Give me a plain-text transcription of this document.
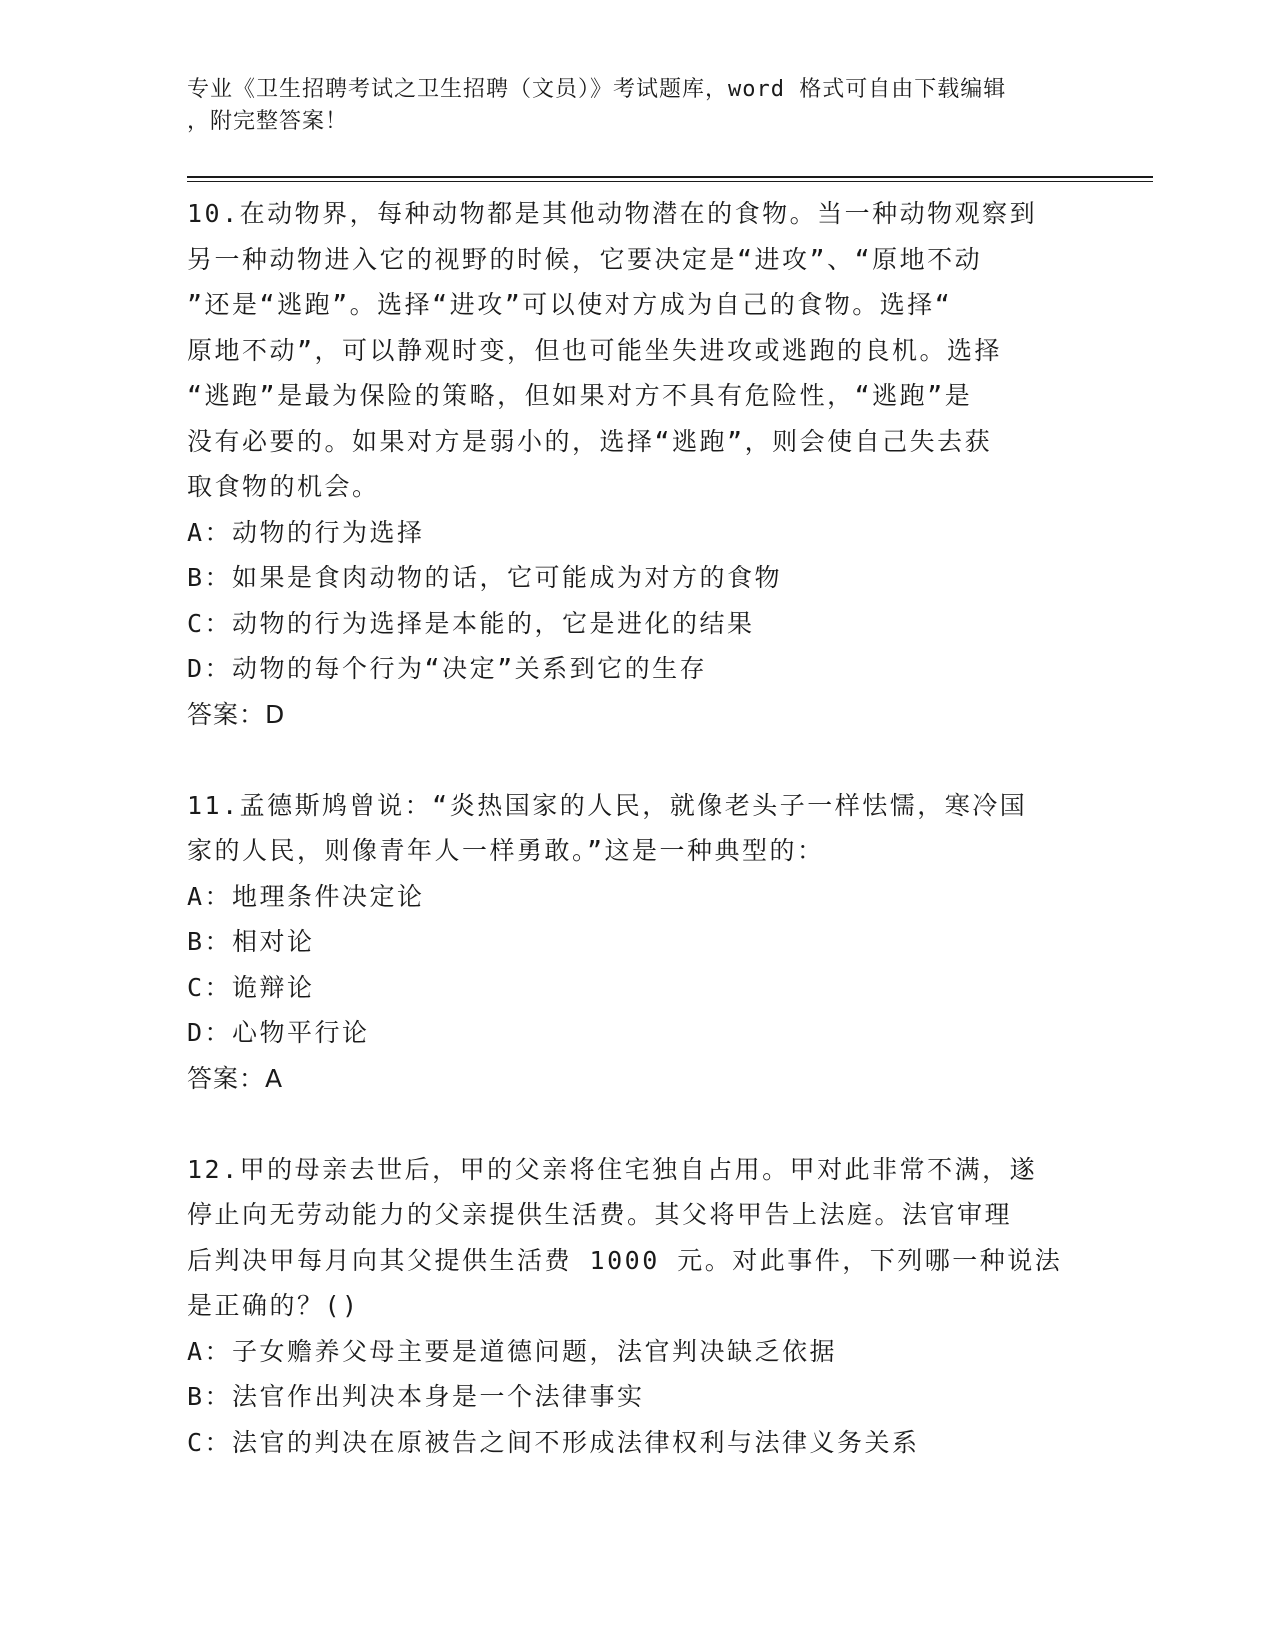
专业《卫生招聘考试之卫生招聘（文员）》考试题库，word 格式可自由下载编辑
，附完整答案！
10.在动物界，每种动物都是其他动物潜在的食物。当一种动物观察到
另一种动物进入它的视野的时候，它要决定是“进攻”、“原地不动
”还是“逃跑”。选择“进攻”可以使对方成为自己的食物。选择“
原地不动”，可以静观时变，但也可能坐失进攻或逃跑的良机。选择
“逃跑”是最为保险的策略，但如果对方不具有危险性，“逃跑”是
没有必要的。如果对方是弱小的，选择“逃跑”，则会使自己失去获
取食物的机会。
A：动物的行为选择
B：如果是食肉动物的话，它可能成为对方的食物
C：动物的行为选择是本能的，它是进化的结果
D：动物的每个行为“决定”关系到它的生存
答案：D
11.孟德斯鸠曾说：“炎热国家的人民，就像老头子一样怯懦，寒冷国
家的人民，则像青年人一样勇敢。”这是一种典型的：
A：地理条件决定论
B：相对论
C：诡辩论
D：心物平行论
答案：A
12.甲的母亲去世后，甲的父亲将住宅独自占用。甲对此非常不满，遂
停止向无劳动能力的父亲提供生活费。其父将甲告上法庭。法官审理
后判决甲每月向其父提供生活费 1000 元。对此事件，下列哪一种说法
是正确的？()
A：子女赡养父母主要是道德问题，法官判决缺乏依据
B：法官作出判决本身是一个法律事实
C：法官的判决在原被告之间不形成法律权利与法律义务关系
